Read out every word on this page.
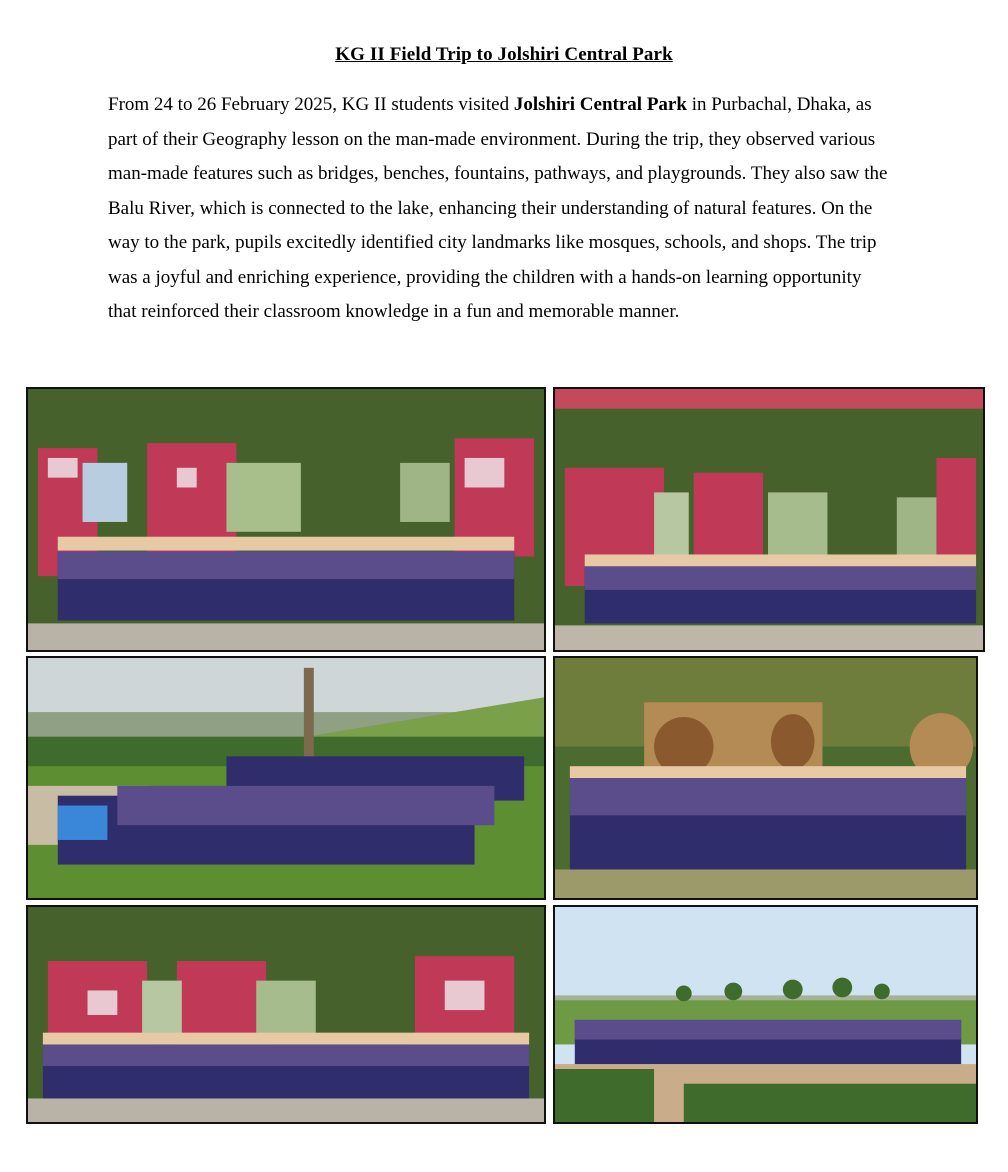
KG II Field Trip to Jolshiri Central Park
From 24 to 26 February 2025, KG II students visited Jolshiri Central Park in Purbachal, Dhaka, as part of their Geography lesson on the man-made environment. During the trip, they observed various man-made features such as bridges, benches, fountains, pathways, and playgrounds. They also saw the Balu River, which is connected to the lake, enhancing their understanding of natural features. On the way to the park, pupils excitedly identified city landmarks like mosques, schools, and shops. The trip was a joyful and enriching experience, providing the children with a hands-on learning opportunity that reinforced their classroom knowledge in a fun and memorable manner.
